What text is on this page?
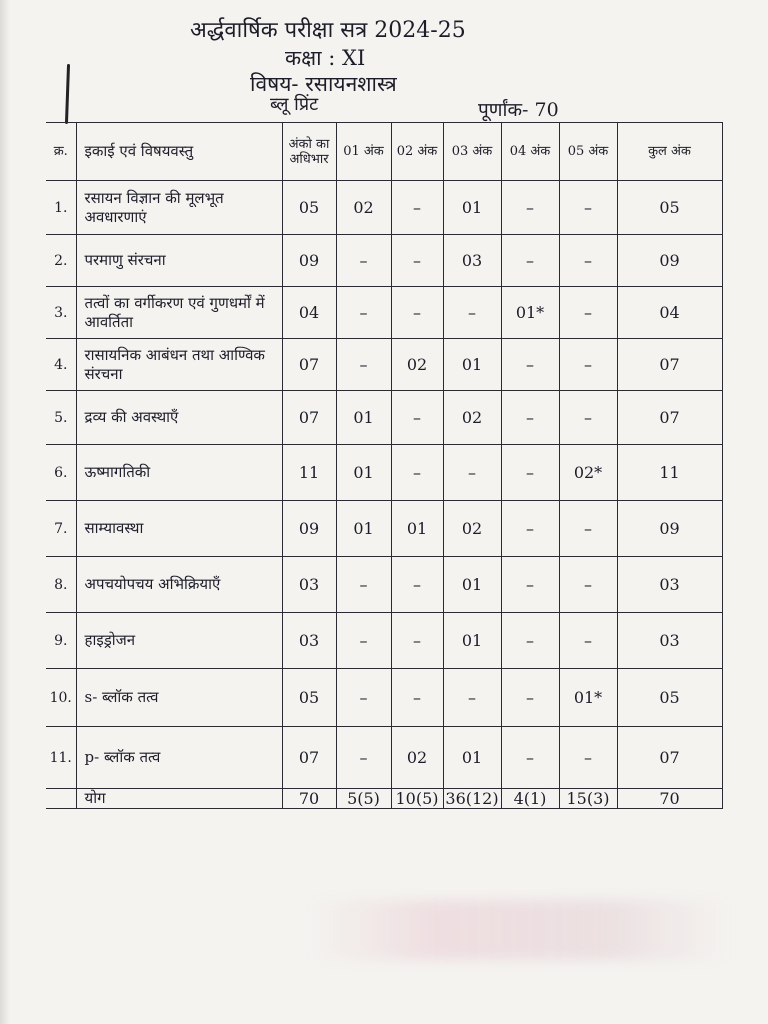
अर्द्धवार्षिक परीक्षा सत्र 2024-25
कक्षा : XI
विषय- रसायनशास्त्र
ब्लू प्रिंट	पूर्णांक- 70
क्र.	इकाई एवं विषयवस्तु	अंको का अधिभार	01 अंक	02 अंक	03 अंक	04 अंक	05 अंक	कुल अंक
1.	रसायन विज्ञान की मूलभूत अवधारणाएं	05	02	–	01	–	–	05
2.	परमाणु संरचना	09	–	–	03	–	–	09
3.	तत्वों का वर्गीकरण एवं गुणधर्मों में आवर्तिता	04	–	–	–	01*	–	04
4.	रासायनिक आबंधन तथा आण्विक संरचना	07	–	02	01	–	–	07
5.	द्रव्य की अवस्थाएँ	07	01	–	02	–	–	07
6.	ऊष्मागतिकी	11	01	–	–	–	02*	11
7.	साम्यावस्था	09	01	01	02	–	–	09
8.	अपचयोपचय अभिक्रियाएँ	03	–	–	01	–	–	03
9.	हाइड्रोजन	03	–	–	01	–	–	03
10.	s- ब्लॉक तत्व	05	–	–	–	–	01*	05
11.	p- ब्लॉक तत्व	07	–	02	01	–	–	07
	योग	70	5(5)	10(5)	36(12)	4(1)	15(3)	70
